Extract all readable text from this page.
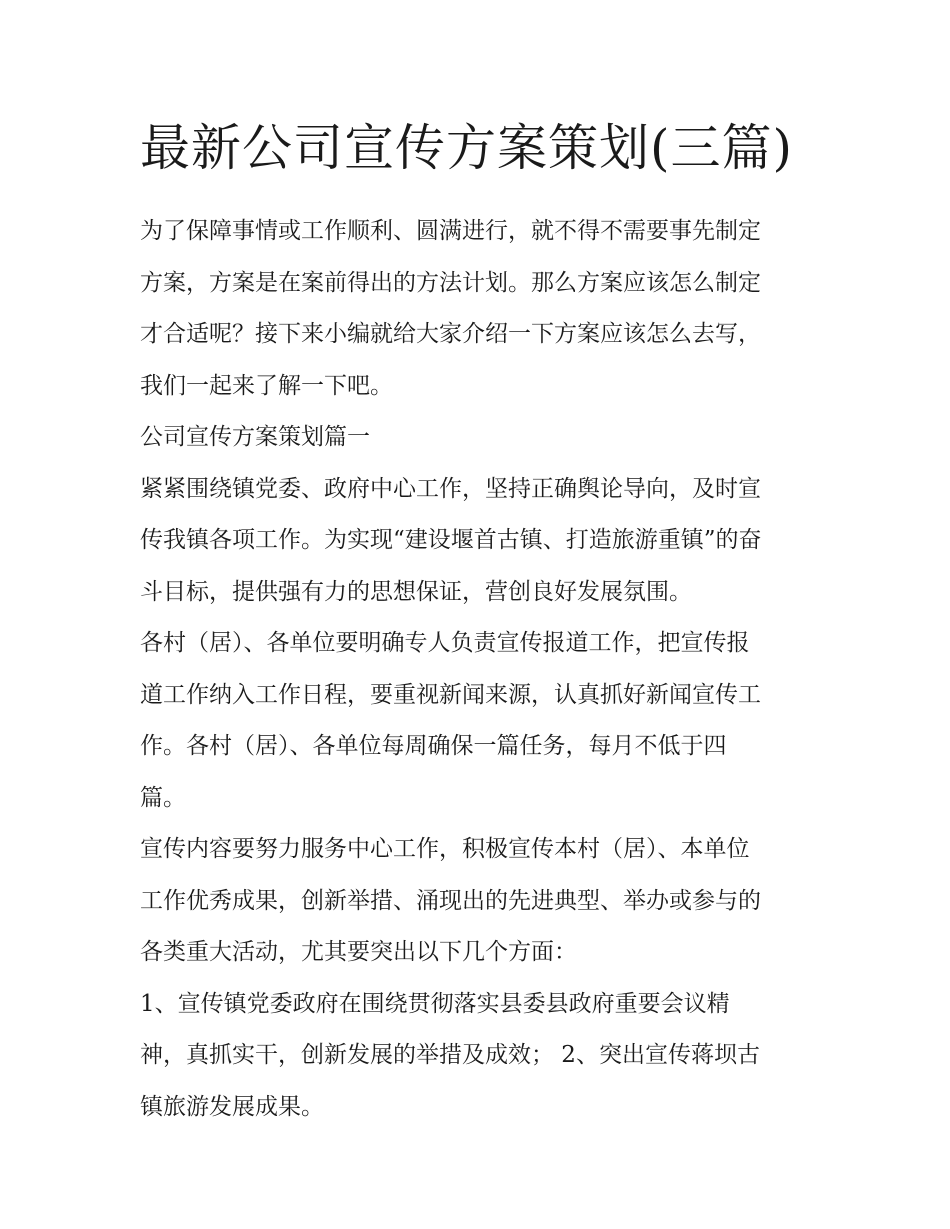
最新公司宣传方案策划(三篇)

为了保障事情或工作顺利、圆满进行，就不得不需要事先制定
方案，方案是在案前得出的方法计划。那么方案应该怎么制定
才合适呢？接下来小编就给大家介绍一下方案应该怎么去写，
我们一起来了解一下吧。

公司宣传方案策划篇一

紧紧围绕镇党委、政府中心工作，坚持正确舆论导向，及时宣
传我镇各项工作。为实现“建设堰首古镇、打造旅游重镇”的奋
斗目标，提供强有力的思想保证，营创良好发展氛围。

各村（居）、各单位要明确专人负责宣传报道工作，把宣传报
道工作纳入工作日程，要重视新闻来源，认真抓好新闻宣传工
作。各村（居）、各单位每周确保一篇任务，每月不低于四
篇。

宣传内容要努力服务中心工作，积极宣传本村（居）、本单位
工作优秀成果，创新举措、涌现出的先进典型、举办或参与的
各类重大活动，尤其要突出以下几个方面：

1、宣传镇党委政府在围绕贯彻落实县委县政府重要会议精
神，真抓实干，创新发展的举措及成效； 2、突出宣传蒋坝古
镇旅游发展成果。
